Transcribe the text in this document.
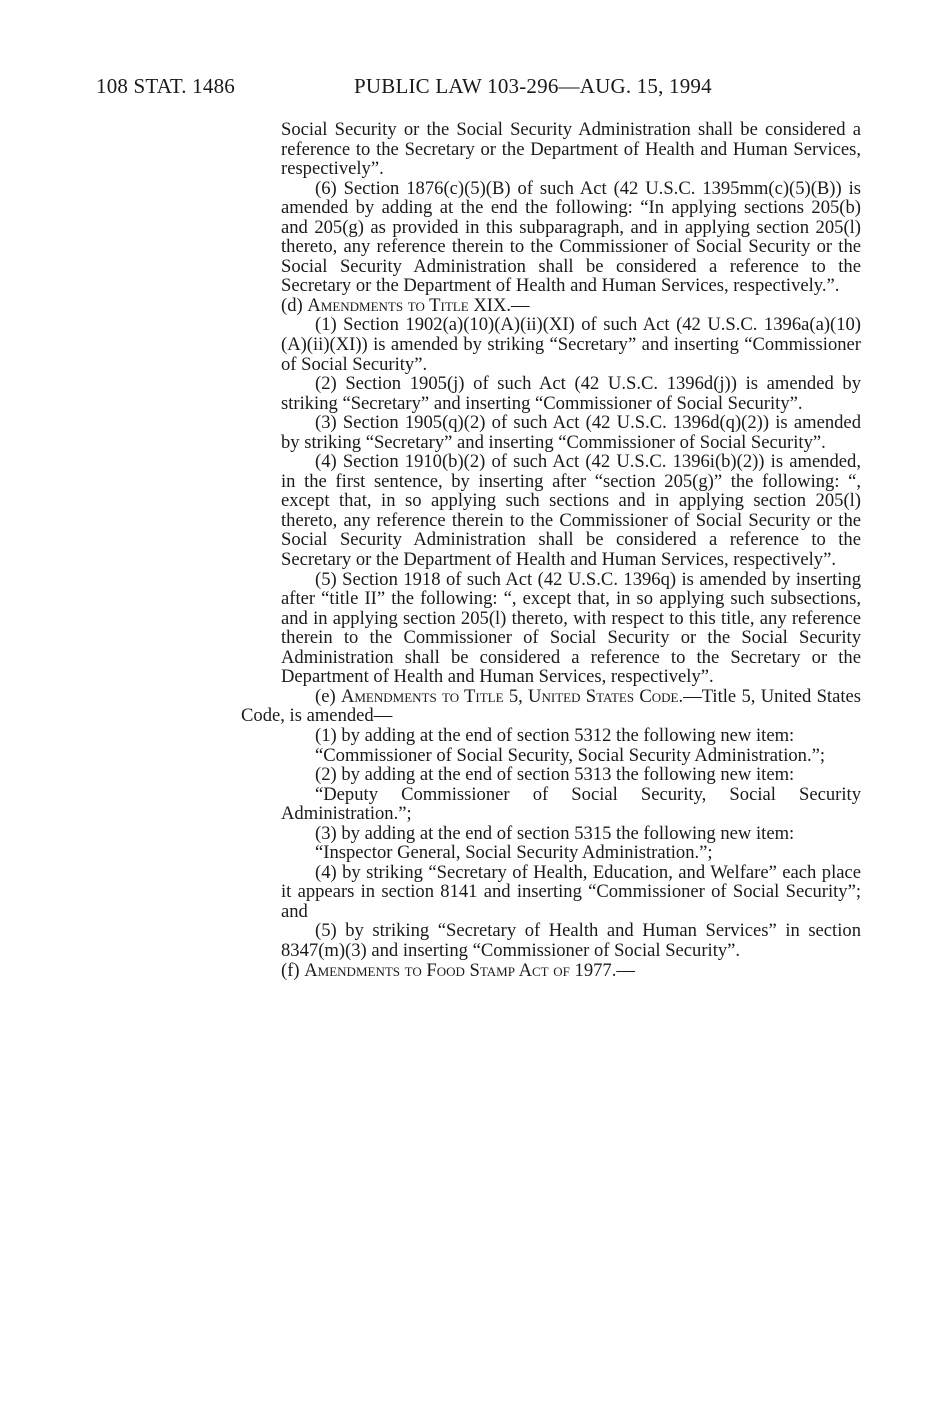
108 STAT. 1486	PUBLIC LAW 103-296—AUG. 15, 1994

Social Security or the Social Security Administration shall be considered a reference to the Secretary or the Department of Health and Human Services, respectively”.

(6) Section 1876(c)(5)(B) of such Act (42 U.S.C. 1395mm(c)(5)(B)) is amended by adding at the end the following: “In applying sections 205(b) and 205(g) as provided in this subparagraph, and in applying section 205(l) thereto, any reference therein to the Commissioner of Social Security or the Social Security Administration shall be considered a reference to the Secretary or the Department of Health and Human Services, respectively.”.

(d) Amendments to Title XIX.—

(1) Section 1902(a)(10)(A)(ii)(XI) of such Act (42 U.S.C. 1396a(a)(10)(A)(ii)(XI)) is amended by striking “Secretary” and inserting “Commissioner of Social Security”.

(2) Section 1905(j) of such Act (42 U.S.C. 1396d(j)) is amended by striking “Secretary” and inserting “Commissioner of Social Security”.

(3) Section 1905(q)(2) of such Act (42 U.S.C. 1396d(q)(2)) is amended by striking “Secretary” and inserting “Commissioner of Social Security”.

(4) Section 1910(b)(2) of such Act (42 U.S.C. 1396i(b)(2)) is amended, in the first sentence, by inserting after “section 205(g)” the following: “, except that, in so applying such sections and in applying section 205(l) thereto, any reference therein to the Commissioner of Social Security or the Social Security Administration shall be considered a reference to the Secretary or the Department of Health and Human Services, respectively”.

(5) Section 1918 of such Act (42 U.S.C. 1396q) is amended by inserting after “title II” the following: “, except that, in so applying such subsections, and in applying section 205(l) thereto, with respect to this title, any reference therein to the Commissioner of Social Security or the Social Security Administration shall be considered a reference to the Secretary or the Department of Health and Human Services, respectively”.

(e) Amendments to Title 5, United States Code.—Title 5, United States Code, is amended—

(1) by adding at the end of section 5312 the following new item:

“Commissioner of Social Security, Social Security Administration.”;

(2) by adding at the end of section 5313 the following new item:

“Deputy Commissioner of Social Security, Social Security Administration.”;

(3) by adding at the end of section 5315 the following new item:

“Inspector General, Social Security Administration.”;

(4) by striking “Secretary of Health, Education, and Welfare” each place it appears in section 8141 and inserting “Commissioner of Social Security”; and

(5) by striking “Secretary of Health and Human Services” in section 8347(m)(3) and inserting “Commissioner of Social Security”.

(f) Amendments to Food Stamp Act of 1977.—
